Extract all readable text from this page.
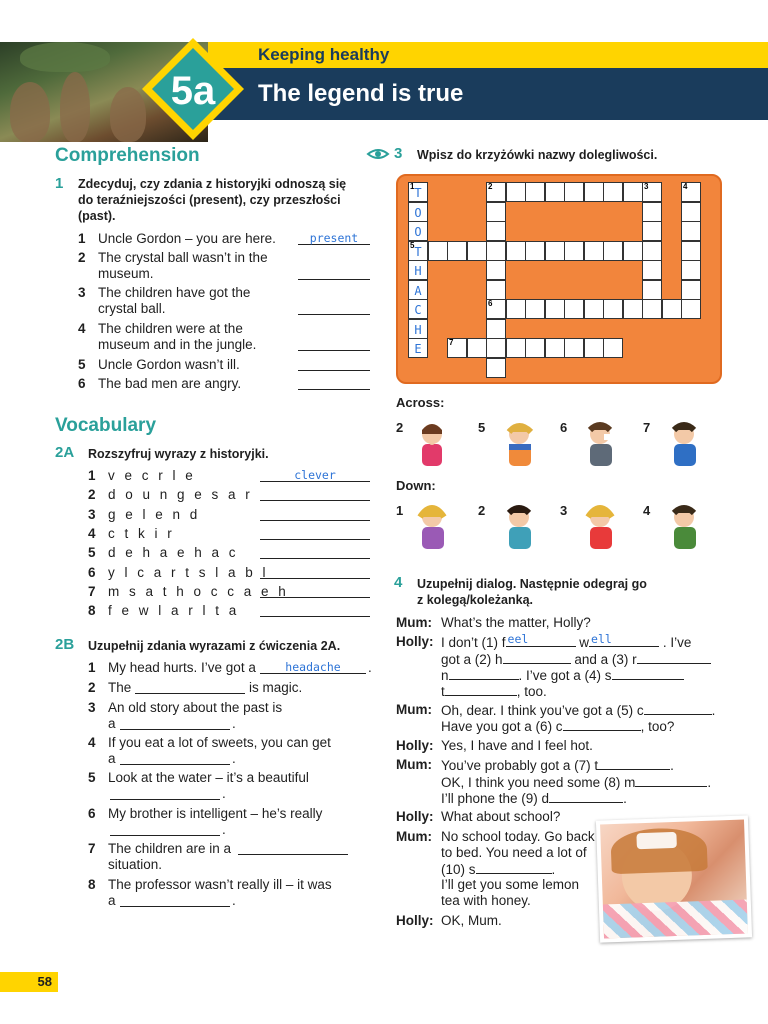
5a
Keeping healthy
The legend is true
Comprehension
1 Zdecyduj, czy zdania z historyjki odnoszą się
do teraźniejszości (present), czy przeszłości
(past).
1 Uncle Gordon – you are here.	present
2 The crystal ball wasn’t in the
museum.
3 The children have got the
crystal ball.
4 The children were at the
museum and in the jungle.
5 Uncle Gordon wasn’t ill.
6 The bad men are angry.
Vocabulary
2A Rozszyfruj wyrazy z historyjki.
1 v e c r l e	clever
2 d o u n g e s a r
3 g e l e n d
4 c t k i r
5 d e h a e h a c
6 y l c a r t s l a b l
7 m s a t h o c c a e h
8 f e w l a r l t a
2B Uzupełnij zdania wyrazami z ćwiczenia 2A.
1 My head hurts. I’ve got a	headache	.
2 The	is magic.
3 An old story about the past is
a	.
4 If you eat a lot of sweets, you can get
a	.
5 Look at the water – it’s a beautiful
.
6 My brother is intelligent – he’s really
.
7 The children are in a
situation.
8 The professor wasn’t really ill – it was
a	.
3 Wpisz do krzyżówki nazwy dolegliwości.
1 T
O
O
5 T
H
A
C
H
E
2
6
3	4
7
Across:
Down:
2	5	6	7
1	2	3	4
4 Uzupełnij dialog. Następnie odegraj go
z kolegą/koleżanką.
Mum: What’s the matter, Holly?
Holly: I don’t (1) f eel	w ell	. I’ve
got a (2) h	and a (3) r
n	. I’ve got a (4) s
t	, too.
Mum: Oh, dear. I think you’ve got a (5) c	.
Have you got a (6) c	, too?
Holly: Yes, I have and I feel hot.
Mum: You’ve probably got a (7) t	.
OK, I think you need some (8) m	.
I’ll phone the (9) d	.
Holly: What about school?
Mum: No school today. Go back
to bed. You need a lot of
(10) s	.
I’ll get you some lemon
tea with honey.
Holly: OK, Mum.
58
